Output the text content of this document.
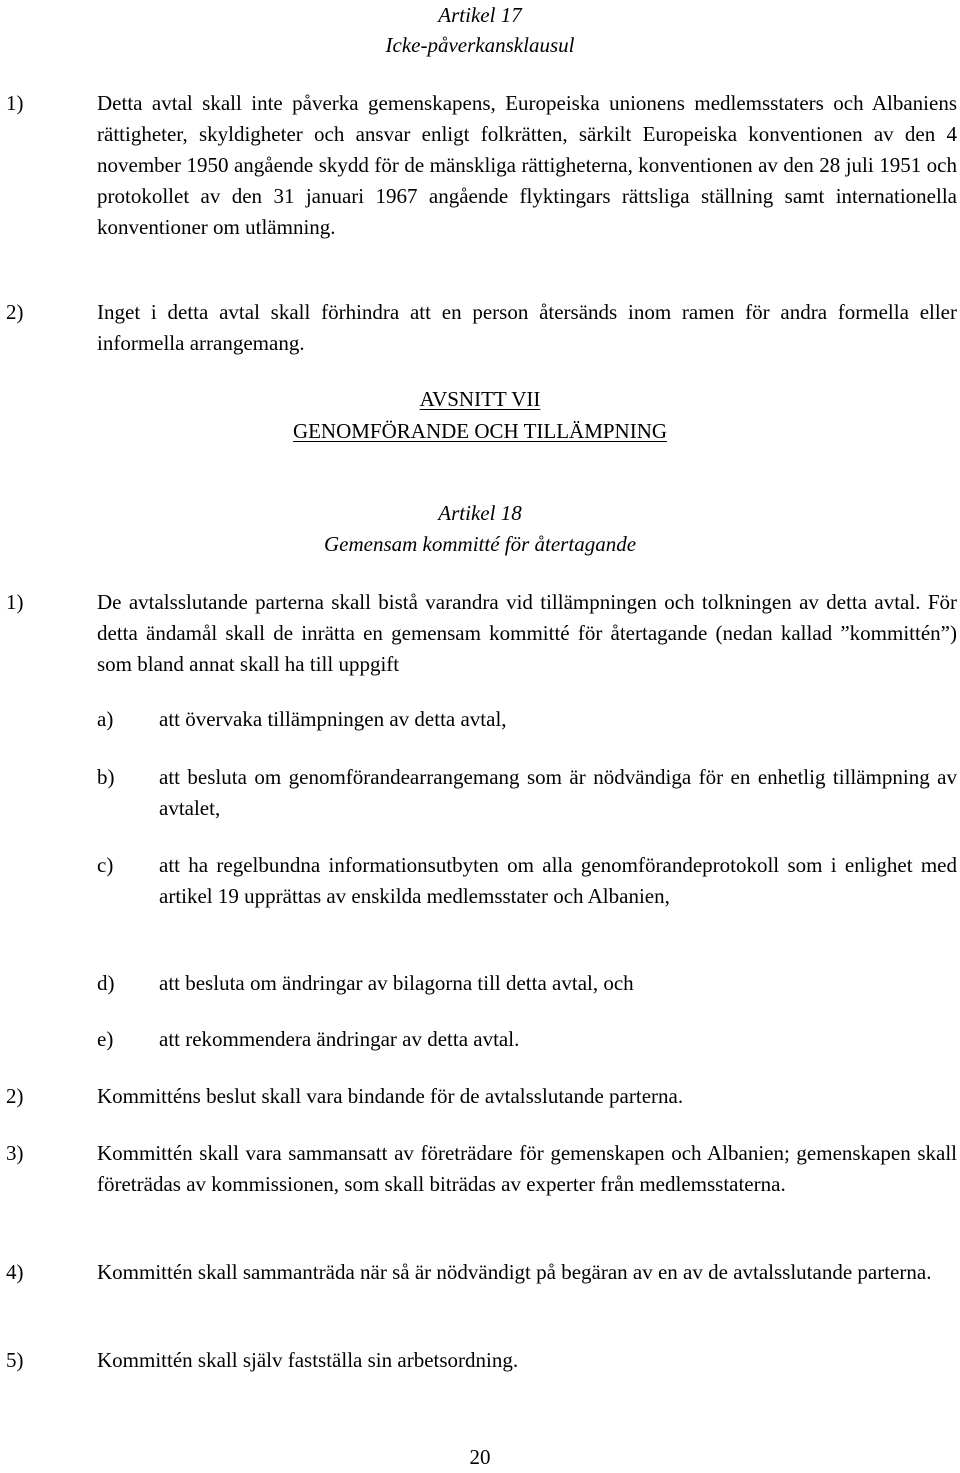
Artikel 17
Icke-påverkansklausul
1)	Detta avtal skall inte påverka gemenskapens, Europeiska unionens medlemsstaters och Albaniens rättigheter, skyldigheter och ansvar enligt folkrätten, särkilt Europeiska konventionen av den 4 november 1950 angående skydd för de mänskliga rättigheterna, konventionen av den 28 juli 1951 och protokollet av den 31 januari 1967 angående flyktingars rättsliga ställning samt internationella konventioner om utlämning.
2)	Inget i detta avtal skall förhindra att en person återsänds inom ramen för andra formella eller informella arrangemang.
AVSNITT VII
GENOMFÖRANDE OCH TILLÄMPNING
Artikel 18
Gemensam kommitté för återtagande
1)	De avtalsslutande parterna skall bistå varandra vid tillämpningen och tolkningen av detta avtal. För detta ändamål skall de inrätta en gemensam kommitté för återtagande (nedan kallad ”kommittén”) som bland annat skall ha till uppgift
a)	att övervaka tillämpningen av detta avtal,
b)	att besluta om genomförandearrangemang som är nödvändiga för en enhetlig tillämpning av avtalet,
c)	att ha regelbundna informationsutbyten om alla genomförandeprotokoll som i enlighet med artikel 19 upprättas av enskilda medlemsstater och Albanien,
d)	att besluta om ändringar av bilagorna till detta avtal, och
e)	att rekommendera ändringar av detta avtal.
2)	Kommitténs beslut skall vara bindande för de avtalsslutande parterna.
3)	Kommittén skall vara sammansatt av företrädare för gemenskapen och Albanien; gemenskapen skall företrädas av kommissionen, som skall biträdas av experter från medlemsstaterna.
4)	Kommittén skall sammanträda när så är nödvändigt på begäran av en av de avtalsslutande parterna.
5)	Kommittén skall själv fastställa sin arbetsordning.
20
